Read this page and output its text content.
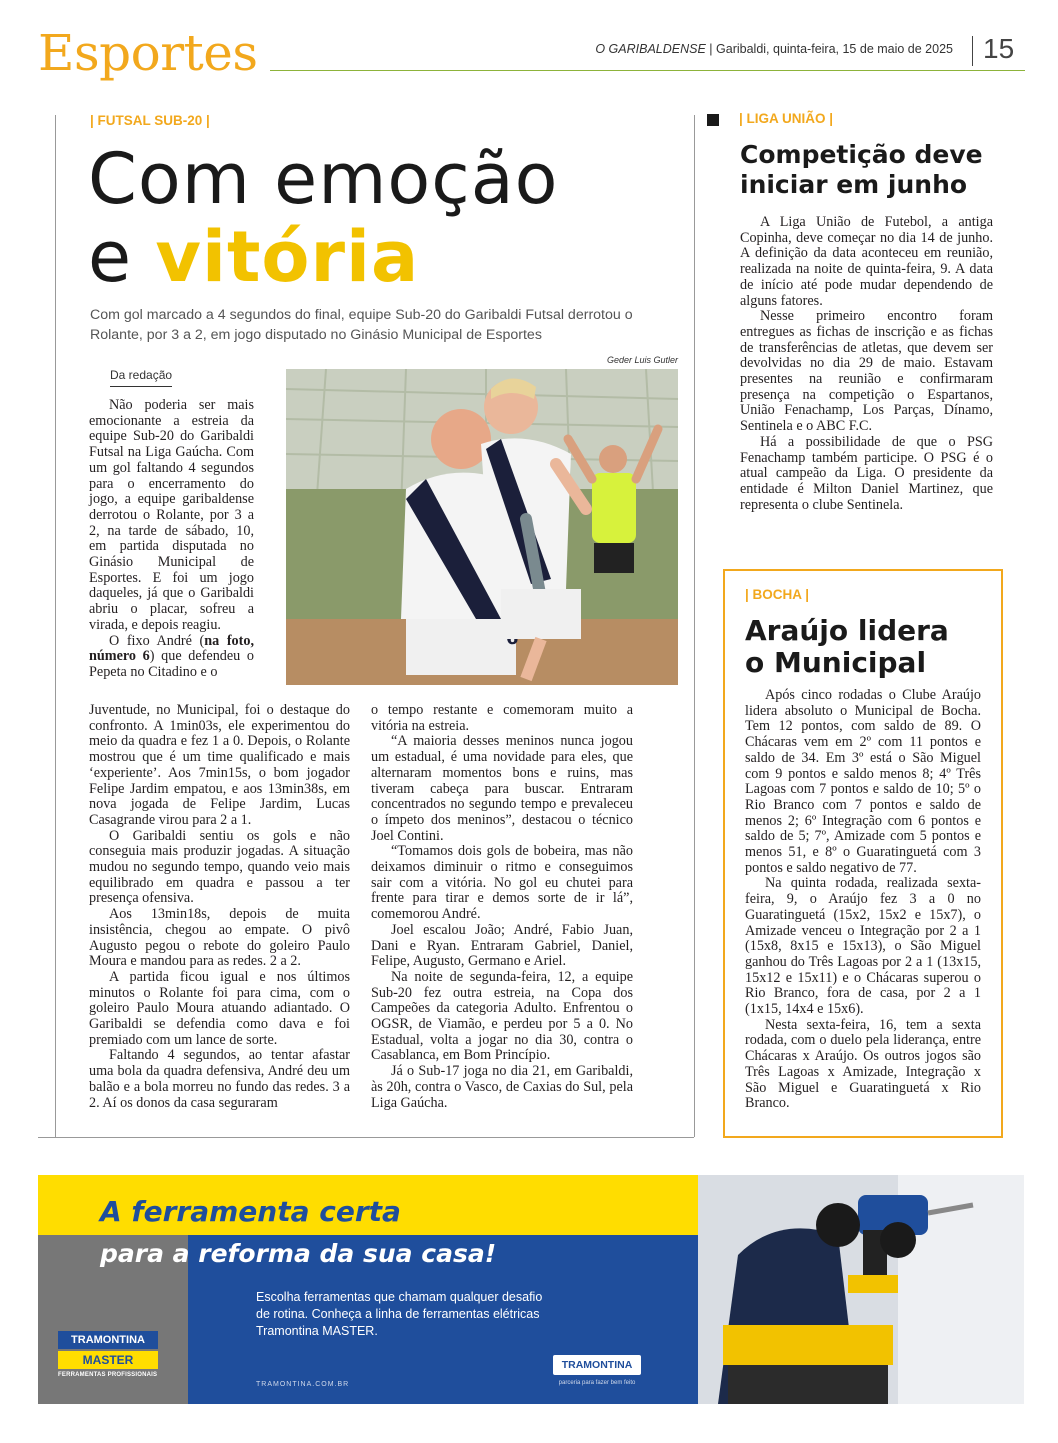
Esportes	O GARIBALDENSE | Garibaldi, quinta-feira, 15 de maio de 2025 15
| FUTSAL SUB-20 |
Com emoção
e vitória
Com gol marcado a 4 segundos do final, equipe Sub-20 do Garibaldi Futsal derrotou o Rolante, por 3 a 2, em jogo disputado no Ginásio Municipal de Esportes
Geder Luis Gutler
Da redação

Não poderia ser mais emocionante a estreia da equipe Sub-20 do Garibaldi Futsal na Liga Gaúcha. Com um gol faltando 4 segundos para o encerramento do jogo, a equipe garibaldense derrotou o Rolante, por 3 a 2, na tarde de sábado, 10, em partida disputada no Ginásio Municipal de Esportes. E foi um jogo daqueles, já que o Garibaldi abriu o placar, sofreu a virada, e depois reagiu.

O fixo André (na foto, número 6) que defendeu o Pepeta no Citadino e o

Juventude, no Municipal, foi o destaque do confronto. A 1min03s, ele experimentou do meio da quadra e fez 1 a 0. Depois, o Rolante mostrou que é um time qualificado e mais ‘experiente’. Aos 7min15s, o bom jogador Felipe Jardim empatou, e aos 13min38s, em nova jogada de Felipe Jardim, Lucas Casagrande virou para 2 a 1.

O Garibaldi sentiu os gols e não conseguia mais produzir jogadas. A situação mudou no segundo tempo, quando veio mais equilibrado em quadra e passou a ter presença ofensiva.

Aos 13min18s, depois de muita insistência, chegou ao empate. O pivô Augusto pegou o rebote do goleiro Paulo Moura e mandou para as redes. 2 a 2.

A partida ficou igual e nos últimos minutos o Rolante foi para cima, com o goleiro Paulo Moura atuando adiantado. O Garibaldi se defendia como dava e foi premiado com um lance de sorte.

Faltando 4 segundos, ao tentar afastar uma bola da quadra defensiva, André deu um balão e a bola morreu no fundo das redes. 3 a 2. Aí os donos da casa seguraram

o tempo restante e comemoram muito a vitória na estreia.

“A maioria desses meninos nunca jogou um estadual, é uma novidade para eles, que alternaram momentos bons e ruins, mas tiveram cabeça para buscar. Entraram concentrados no segundo tempo e prevaleceu o ímpeto dos meninos”, destacou o técnico Joel Contini.

“Tomamos dois gols de bobeira, mas não deixamos diminuir o ritmo e conseguimos sair com a vitória. No gol eu chutei para frente para tirar e demos sorte de ir lá”, comemorou André.

Joel escalou João; André, Fabio Juan, Dani e Ryan. Entraram Gabriel, Daniel, Felipe, Augusto, Germano e Ariel.

Na noite de segunda-feira, 12, a equipe Sub-20 fez outra estreia, na Copa dos Campeões da categoria Adulto. Enfrentou o OGSR, de Viamão, e perdeu por 5 a 0. No Estadual, volta a jogar no dia 30, contra o Casablanca, em Bom Princípio.

Já o Sub-17 joga no dia 21, em Garibaldi, às 20h, contra o Vasco, de Caxias do Sul, pela Liga Gaúcha.

| LIGA UNIÃO |
Competição deve
iniciar em junho

A Liga União de Futebol, a antiga Copinha, deve começar no dia 14 de junho. A definição da data aconteceu em reunião, realizada na noite de quinta-feira, 9. A data de início até pode mudar dependendo de alguns fatores.

Nesse primeiro encontro foram entregues as fichas de inscrição e as fichas de transferências de atletas, que devem ser devolvidas no dia 29 de maio. Estavam presentes na reunião e confirmaram presença na competição o Espartanos, União Fenachamp, Los Parças, Dínamo, Sentinela e o ABC F.C.

Há a possibilidade de que o PSG Fenachamp também participe. O PSG é o atual campeão da Liga. O presidente da entidade é Milton Daniel Martinez, que representa o clube Sentinela.

| BOCHA |
Araújo lidera
o Municipal

Após cinco rodadas o Clube Araújo lidera absoluto o Municipal de Bocha. Tem 12 pontos, com saldo de 89. O Chácaras vem em 2º com 11 pontos e saldo de 34. Em 3º está o São Miguel com 9 pontos e saldo menos 8; 4º Três Lagoas com 7 pontos e saldo de 10; 5º o Rio Branco com 7 pontos e saldo de menos 2; 6º Integração com 6 pontos e saldo de 5; 7º, Amizade com 5 pontos e menos 51, e 8º o Guaratinguetá com 3 pontos e saldo negativo de 77.

Na quinta rodada, realizada sexta-feira, 9, o Araújo fez 3 a 0 no Guaratinguetá (15x2, 15x2 e 15x7), o Amizade venceu o Integração por 2 a 1 (15x8, 8x15 e 15x13), o São Miguel ganhou do Três Lagoas por 2 a 1 (13x15, 15x12 e 15x11) e o Chácaras superou o Rio Branco, fora de casa, por 2 a 1 (1x15, 14x4 e 15x6).

Nesta sexta-feira, 16, tem a sexta rodada, com o duelo pela liderança, entre Chácaras x Araújo. Os outros jogos são Três Lagoas x Amizade, Integração x São Miguel e Guaratinguetá x Rio Branco.

A ferramenta certa
para a reforma da sua casa!
Escolha ferramentas que chamam qualquer desafio de rotina. Conheça a linha de ferramentas elétricas Tramontina MASTER.
TRAMONTINA.COM.BR
TRAMONTINA
parceria para fazer bem feito
TRAMONTINA
MASTER
FERRAMENTAS PROFISSIONAIS
